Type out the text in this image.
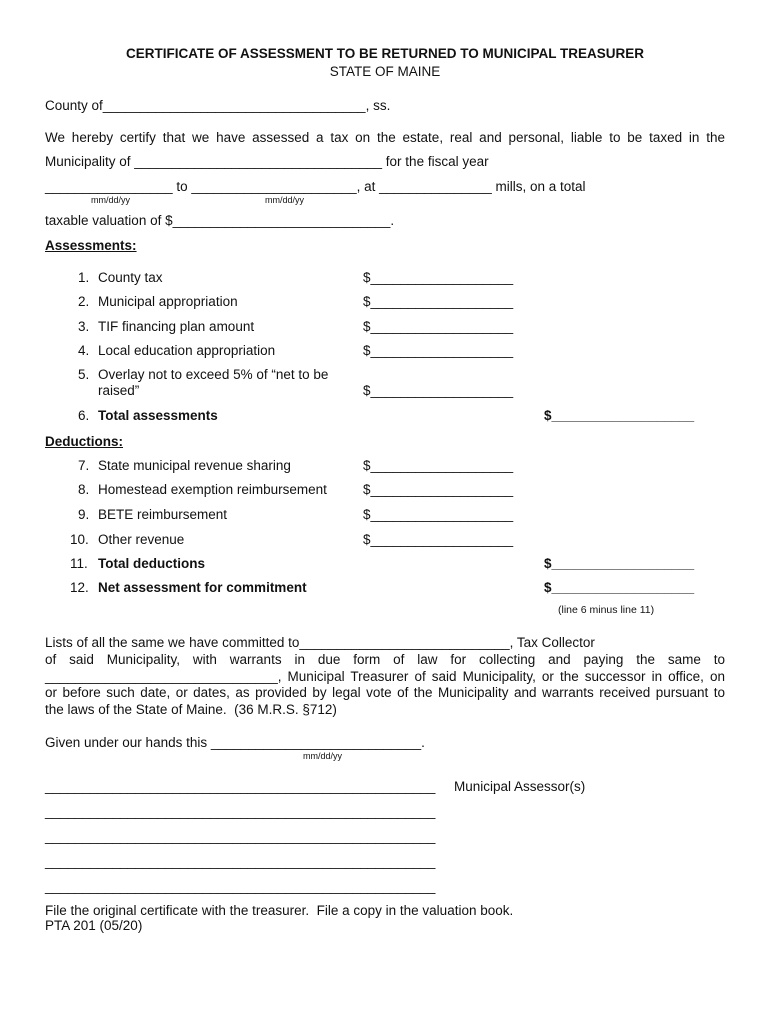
CERTIFICATE OF ASSESSMENT TO BE RETURNED TO MUNICIPAL TREASURER
STATE OF MAINE
County of___________________________________, ss.
We hereby certify that we have assessed a tax on the estate, real and personal, liable to be taxed in the
Municipality of _________________________________ for the fiscal year
_________________ to ______________________, at _______________ mills, on a total
mm/dd/yy	mm/dd/yy
taxable valuation of $_____________________________.
Assessments:
1. County tax	$___________________
2. Municipal appropriation	$___________________
3. TIF financing plan amount	$___________________
4. Local education appropriation	$___________________
5. Overlay not to exceed 5% of “net to be
raised”	$___________________
6. Total assessments	$___________________
Deductions:
7. State municipal revenue sharing	$___________________
8. Homestead exemption reimbursement	$___________________
9. BETE reimbursement	$___________________
10. Other revenue	$___________________
11. Total deductions	$___________________
12. Net assessment for commitment	$___________________
(line 6 minus line 11)
Lists of all the same we have committed to____________________________, Tax Collector
of said Municipality, with warrants in due form of law for collecting and paying the same to
_______________________________, Municipal Treasurer of said Municipality, or the successor in office, on
or before such date, or dates, as provided by legal vote of the Municipality and warrants received pursuant to
the laws of the State of Maine.  (36 M.R.S. §712)
Given under our hands this ____________________________.
mm/dd/yy
____________________________________________________ Municipal Assessor(s)
____________________________________________________
____________________________________________________
____________________________________________________
____________________________________________________
File the original certificate with the treasurer.  File a copy in the valuation book.
PTA 201 (05/20)
